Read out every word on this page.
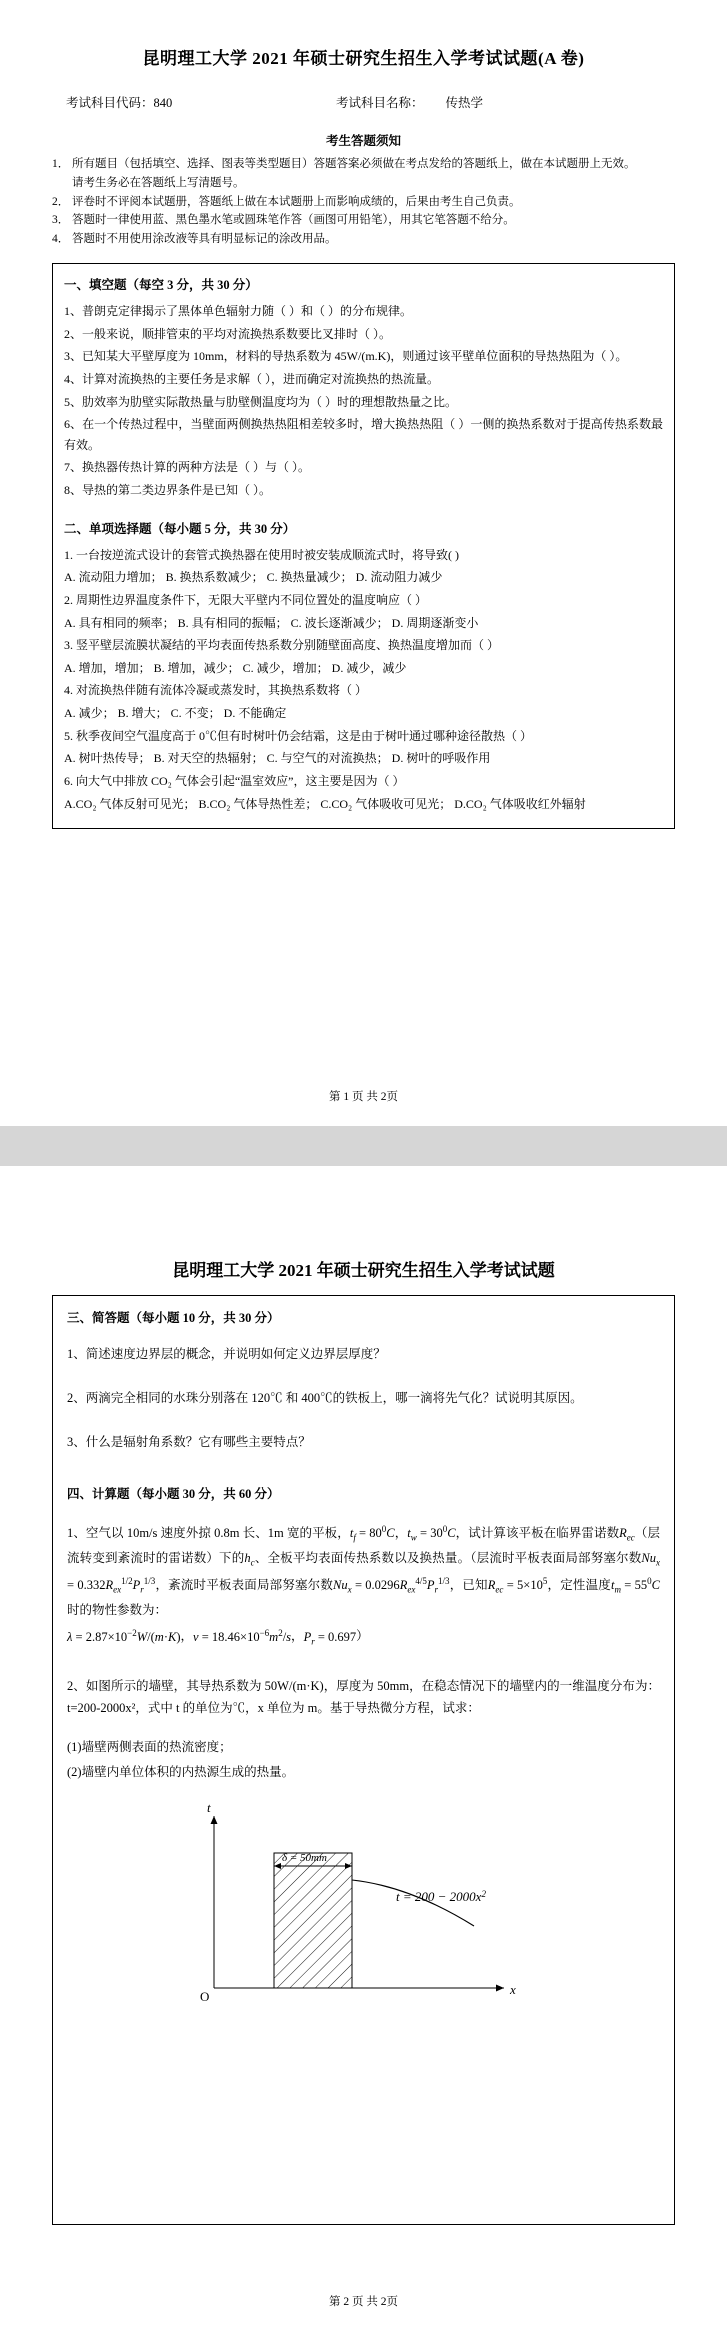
昆明理工大学 2021 年硕士研究生招生入学考试试题(A 卷)
考试科目代码：840	考试科目名称： 传热学
考生答题须知
1． 所有题目（包括填空、选择、图表等类型题目）答题答案必须做在考点发给的答题纸上，做在本试题册上无效。
请考生务必在答题纸上写清题号。
2． 评卷时不评阅本试题册，答题纸上做在本试题册上而影响成绩的，后果由考生自己负责。
3． 答题时一律使用蓝、黑色墨水笔或圆珠笔作答（画图可用铅笔），用其它笔答题不给分。
4． 答题时不用使用涂改液等具有明显标记的涂改用品。
一、填空题（每空 3 分，共 30 分）

1、普朗克定律揭示了黑体单色辐射力随（ ）和（ ）的分布规律。

2、一般来说，顺排管束的平均对流换热系数要比叉排时（ ）。

3、已知某大平壁厚度为 10mm，材料的导热系数为 45W/(m.K)，则通过该平壁单位面积的导热热阻为（ ）。

4、计算对流换热的主要任务是求解（ ），进而确定对流换热的热流量。

5、肋效率为肋壁实际散热量与肋壁侧温度均为（ ）时的理想散热量之比。

6、在一个传热过程中，当壁面两侧换热热阻相差较多时，增大换热热阻（ ）一侧的换热系数对于提高传热系数最有效。

7、换热器传热计算的两种方法是（ ）与（ ）。

8、导热的第二类边界条件是已知（ ）。

二、单项选择题（每小题 5 分，共 30 分）

1. 一台按逆流式设计的套管式换热器在使用时被安装成顺流式时，将导致( )

A. 流动阻力增加； B. 换热系数减少； C. 换热量减少； D. 流动阻力减少

2. 周期性边界温度条件下，无限大平壁内不同位置处的温度响应（ ）

A. 具有相同的频率； B. 具有相同的振幅； C. 波长逐渐减少； D. 周期逐渐变小

3. 竖平壁层流膜状凝结的平均表面传热系数分别随壁面高度、换热温度增加而（ ）

A. 增加，增加； B. 增加，减少； C. 减少，增加； D. 减少，减少

4. 对流换热伴随有流体冷凝或蒸发时，其换热系数将（ ）

A. 减少； B. 增大； C. 不变； D. 不能确定

5. 秋季夜间空气温度高于 0℃但有时树叶仍会结霜，这是由于树叶通过哪种途径散热（ ）

A. 树叶热传导； B. 对天空的热辐射； C. 与空气的对流换热； D. 树叶的呼吸作用

6. 向大气中排放 CO₂ 气体会引起“温室效应”，这主要是因为（ ）

A.CO₂ 气体反射可见光； B.CO₂ 气体导热性差； C.CO₂ 气体吸收可见光； D.CO₂ 气体吸收红外辐射

第 1 页 共 2页
昆明理工大学 2021 年硕士研究生招生入学考试试题
三、简答题（每小题 10 分，共 30 分）

1、简述速度边界层的概念，并说明如何定义边界层厚度？

2、两滴完全相同的水珠分别落在 120℃ 和 400℃的铁板上，哪一滴将先气化？试说明其原因。

3、什么是辐射角系数？它有哪些主要特点？

四、计算题（每小题 30 分，共 60 分）

1、空气以 10m/s 速度外掠 0.8m 长、1m 宽的平板，$t_f = 80^0C$，$t_w = 30^0C$，试计算该平板在临界雷诺数$R_{ec}$（层流转变到紊流时的雷诺数）下的$h_c$、全板平均表面传热系数以及换热量。（层流时平板表面局部努塞尔数$Nu_x = 0.332R_{ex}^{1/2}P_r^{1/3}$，紊流时平板表面局部努塞尔数$Nu_x = 0.0296R_{ex}^{4/5}P_r^{1/3}$，已知$R_{ec} = 5\times 10^5$，定性温度$t_m = 55^0C$时的物性参数为：
$\lambda = 2.87\times 10^{-2}W/(m\cdot K)$，$\nu = 18.46\times 10^{-6}m^2/s$，$P_r = 0.697$）

2、如图所示的墙壁，其导热系数为 50W/(m·K)，厚度为 50mm，在稳态情况下的墙壁内的一维温度分布为：t=200-2000x²，式中 t 的单位为℃，x 单位为 m。基于导热微分方程，试求：

(1)墙壁两侧表面的热流密度；

(2)墙壁内单位体积的内热源生成的热量。

t
x
O
δ = 50mm
$t = 200 - 2000x^2$
第 2 页 共 2页
